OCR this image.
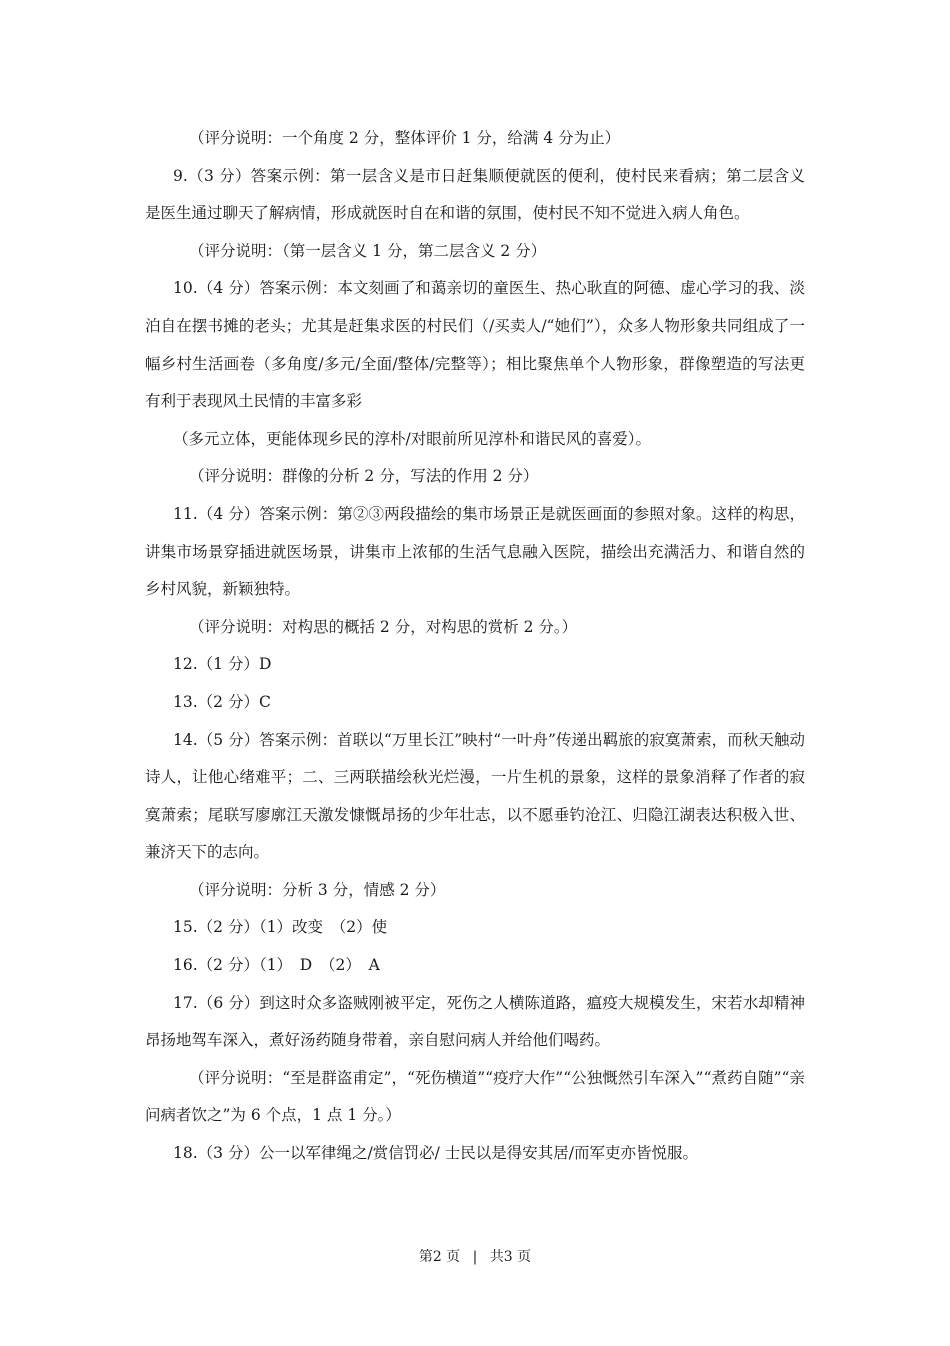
（评分说明：一个角度 2 分，整体评价 1 分，给满 4 分为止）

9.（3 分）答案示例：第一层含义是市日赶集顺便就医的便利，使村民来看病；第二层含义是医生通过聊天了解病情，形成就医时自在和谐的氛围，使村民不知不觉进入病人角色。

（评分说明：（第一层含义 1 分，第二层含义 2 分）

10.（4 分）答案示例：本文刻画了和蔼亲切的童医生、热心耿直的阿德、虚心学习的我、淡泊自在摆书摊的老头；尤其是赶集求医的村民们（/买卖人/“她们”），众多人物形象共同组成了一幅乡村生活画卷（多角度/多元/全面/整体/完整等）；相比聚焦单个人物形象，群像塑造的写法更有利于表现风土民情的丰富多彩

（多元立体，更能体现乡民的淳朴/对眼前所见淳朴和谐民风的喜爱）。

（评分说明：群像的分析 2 分，写法的作用 2 分）

11.（4 分）答案示例：第②③两段描绘的集市场景正是就医画面的参照对象。这样的构思，讲集市场景穿插进就医场景，讲集市上浓郁的生活气息融入医院，描绘出充满活力、和谐自然的乡村风貌，新颖独特。

（评分说明：对构思的概括 2 分，对构思的赏析 2 分。）

12.（1 分）D

13.（2 分）C

14.（5 分）答案示例：首联以“万里长江”映村“一叶舟”传递出羁旅的寂寞萧索，而秋天触动诗人，让他心绪难平；二、三两联描绘秋光烂漫，一片生机的景象，这样的景象消释了作者的寂寞萧索；尾联写廖廓江天激发慷慨昂扬的少年壮志，以不愿垂钓沧江、归隐江湖表达积极入世、兼济天下的志向。

（评分说明：分析 3 分，情感 2 分）

15.（2 分）（1）改变　（2）使

16.（2 分）（1）　D　（2）　A

17.（6 分）到这时众多盗贼刚被平定，死伤之人横陈道路，瘟疫大规模发生，宋若水却精神昂扬地驾车深入，煮好汤药随身带着，亲自慰问病人并给他们喝药。

（评分说明：“至是群盗甫定”，“死伤横道”“疫疗大作”“公独慨然引车深入”“煮药自随”“亲问病者饮之”为 6 个点，1 点 1 分。）

18.（3 分）公一以军律绳之/赏信罚必/ 士民以是得安其居/而军吏亦皆悦服。

第2 页 | 共3 页
